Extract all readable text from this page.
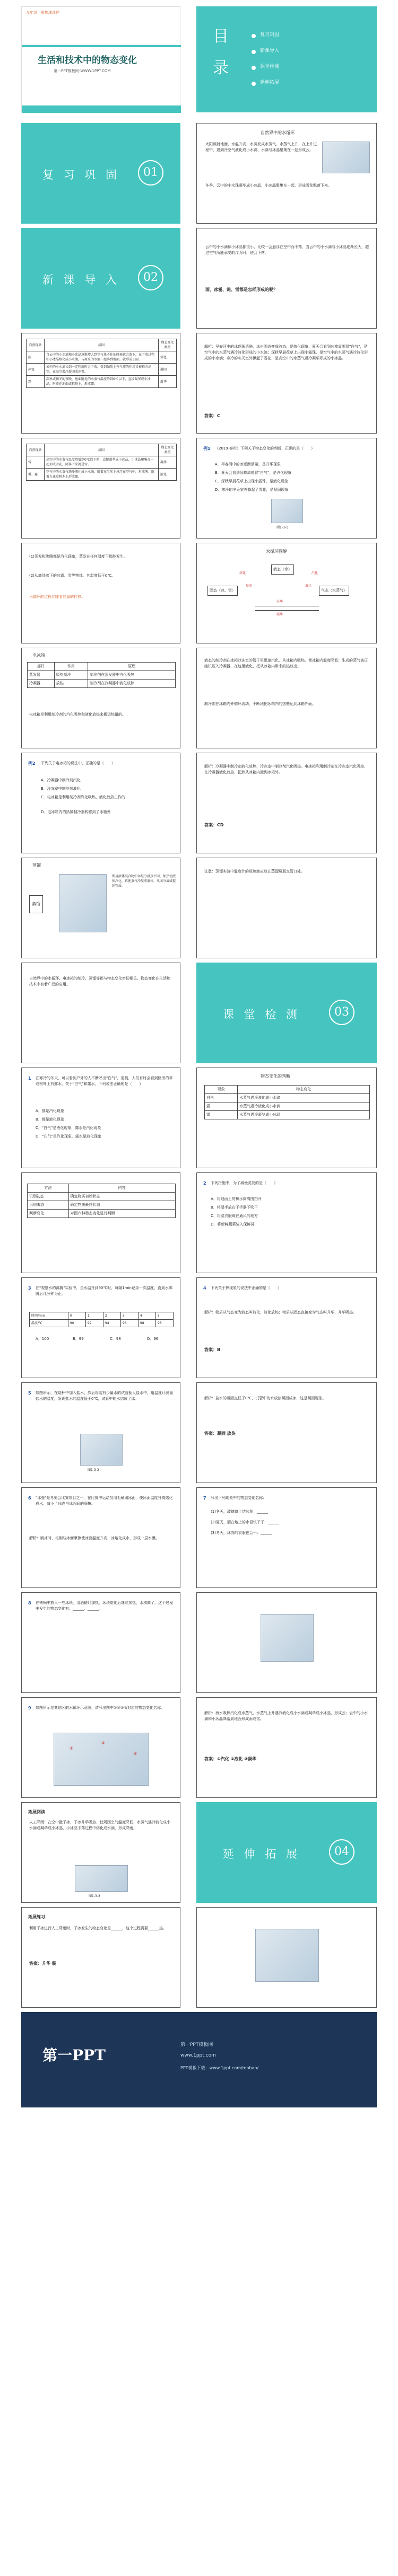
九年级上册物理课件
生活和技术中的物态变化
第一PPT模板网-WWW.1PPT.COM	目 录	复习巩固
新课导入
课堂检测
延伸拓展
复 习 巩 固	01
自然界中的水循环
太阳照射地面，水温升高，水蒸发成水蒸气，水蒸气上升，在上升过程中，遇到冷空气液化成小水滴，水滴与冰晶聚集在一起形成云。
冬季，云中的小水珠凝华成小冰晶，小冰晶聚集在一起，形成雪花飘落下来。
新 课 导 入	02
云中的小水滴和小冰晶都很小，比较一会悬浮在空中而不落，当云中的小水滴与小冰晶逐渐长大，超过空气所能承受的浮力时，便会下落。
雨、冰雹、霜、雪都是怎样形成的呢？
自然现象	成因	物态变化类型
雨	当云中的小水滴和小冰晶逐渐增大到空气托不住的时候就会落下，在下落过程中小冰晶熔化成小水滴，与原来的水滴一起落到地面，就形成了雨。	熔化
冰雹	云中的小水滴长到一定程度时会下落，受到强烈上升气流的作用又被推向高空，在高空遇冷凝固成冰雹。	凝固
霜	深秋或初冬的夜晚，地面附近的水蒸气温度降到0℃以下，直接凝华成小冰晶，附着在地面或植物上，形成霜。	凝华
解析：早春河中的冰逐渐消融，冰由固态变成液态，是熔化现象；夏天会看到冰棒周围冒"白气"，是空气中的水蒸气遇冷液化形成的小水滴；深秋早晨花草上出现小露珠，是空气中的水蒸气遇冷液化形成的小水滴；寒冷的冬天室外飘起了雪花，是高空中的水蒸气遇冷凝华形成的小冰晶。
答案：C
自然现象	成因	物态变化类型
雪	高空中的水蒸气温度降低到0℃以下时，直接凝华成小冰晶，小冰晶聚集在一起形成雪花，降落下来就是雪。	凝华
雾、露	空气中的水蒸气遇冷液化成小水滴，附着在尘埃上悬浮在空气中，形成雾；附着在花草树木上形成露。	液化
例1 （2019·泰州）下列关于物态变化的判断，正确的是（　　）
A．早春河中的冰逐渐消融，是升华现象
B．夏天会看到冰棒周围冒"白气"，是汽化现象
C．深秋早晨花草上出现小露珠，是液化现象
D．寒冷的冬天室外飘起了雪花，是凝固现象
例1-3-1
(1)蒸发和沸腾都是汽化现象，蒸发在任何温度下都能发生。
(2)从高处落下的冰雹、雪等物体，其温度低于0℃。
水循环的过程伴随着能量的转移。
水循环图解
固态（冰、雪）
液态（水）
气态（水蒸气）
熔化
凝固
汽化
液化
升华
凝华
电冰箱
部件	作用	原理
蒸发器	吸热制冷	制冷剂在蒸发器中汽化吸热
冷凝器	放热	制冷剂在冷凝器中液化放热
电冰箱是利用制冷剂的汽化吸热和液化放热来搬运热量的。
液态的制冷剂在冰箱冷冻室的管子里迅速汽化，从冰箱内吸热，使冰箱内温度降低；生成的蒸气被压缩机压入冷凝器，在这里液化，把从冰箱内带来的热放出。
制冷剂在冰箱内外循环流动，不断地把冰箱内的热搬运到冰箱外面。
例2 下列关于电冰箱的说法中，正确的是（　　）
A．冷凝器中制冷剂汽化
B．冷冻室中制冷剂液化
C．电冰箱是利用制冷剂汽化吸热、液化放热工作的
D．电冰箱内的热被制冷剂转移到了冰箱外
解析：冷凝器中制冷剂液化放热，冷冻室中制冷剂汽化吸热。电冰箱利用制冷剂在冷冻室汽化吸热、在冷凝器液化放热，把热从冰箱内搬到冰箱外。
答案：CD
蒸馏
蒸馏
利用液体混合物中各组分沸点不同，加热使液体汽化，再使蒸气冷凝成液体，从而分离或提纯物质。
注意：蒸馏实验中温度计的玻璃泡应放在蒸馏烧瓶支管口处。
自然界中的水循环、电冰箱的制冷、蒸馏等都与物态变化密切相关。物态变化在生活和技术中有着广泛的应用。
课 堂 检 测	03
1 在寒冷的冬天，可以看到户外的人不断呼出"白气"，清晨，人们有时会看到路旁的草或树叶上有露水，关于"白气"和露水，下列说法正确的是（　　）
A．都是汽化现象
B．都是液化现象
C．"白气"是液化现象，露水是汽化现象
D．"白气"是汽化现象，露水是液化现象
物态变化的判断
现象	物态变化
白气	水蒸气遇冷液化成小水滴
露	水蒸气遇冷液化成小水滴
霜	水蒸气遇冷凝华成小冰晶
方法	内容
识别初态	确定物质初始状态
识别末态	确定物质最终状态
判断变化	对照六种物态变化进行判断
2 下列措施中，为了减慢蒸发的是（　　）
A．将地面上的积水向周围扫开
B．将湿手放在干手器下吹干
C．将湿衣服晾在通风的地方
D．将新鲜蔬菜装入保鲜袋
3 在"观察水的沸腾"实验中，当水温升到90℃时，每隔1min记录一次温度，直到水沸腾后几分钟为止。
时间/min	0	1	2	3	4	5
温度/℃	90	92	94	96	98	98
A．100	B．99	C．98	D．96
4 下列关于热现象的说法中正确的是（　　）
解析：物质从气态变为液态叫液化，液化放热；物质从固态直接变为气态叫升华，升华吸热。
答案：B
5 如图所示，在烧杯中加入盐水，然后将装有少量水的试管插入盐水中，用温度计测量盐水的温度，发现盐水的温度低于0℃，试管中的水结成了冰。
图1-3-2
解析：盐水的凝固点低于0℃，试管中的水放热凝固成冰，这是凝固现象。
答案：凝固 放热
6 "冰壶"是冬奥会比赛项目之一，在比赛中运动员用毛刷刷冰面，使冰面温度升高熔化成水，减小了冰壶与冰面间的摩擦。
解析：刷冰时，毛刷与冰面摩擦使冰面温度升高，冰熔化成水，形成一层水膜。
7 写出下列现象中的物态变化名称：
(1)冬天，玻璃窗上结冰花：______
(2)夏天，洒在地上的水很快干了：______
(3)冬天，冰冻的衣服也会干：______
8 在铁锅中放入一些冰块，用酒精灯加热，冰块熔化后继续加热，水沸腾了，这个过程中发生的物态变化有：______、______。
9 如图所示是某地区的水循环示意图，请写出图中①②③所对应的物态变化名称。
①
②
③
解析：海水吸热汽化成水蒸气，水蒸气上升遇冷液化成小水滴或凝华成小冰晶，形成云；云中的小水滴和小冰晶降落到地面形成雨或雪。
答案：①汽化 ②液化 ③凝华
拓展阅读
人工降雨：在空中撒干冰，干冰升华吸热，使周围空气温度降低，水蒸气遇冷液化成小水滴或凝华成小冰晶，小冰晶下落过程中熔化成水滴，形成降雨。
图1-3-3
延 伸 拓 展	04
拓展练习
利用干冰进行人工降雨时，干冰发生的物态变化是______，这个过程需要______热。
答案：升华 吸
第一PPT
第一PPT模板网
www.1ppt.com
PPT模板下载：www.1ppt.com/moban/
